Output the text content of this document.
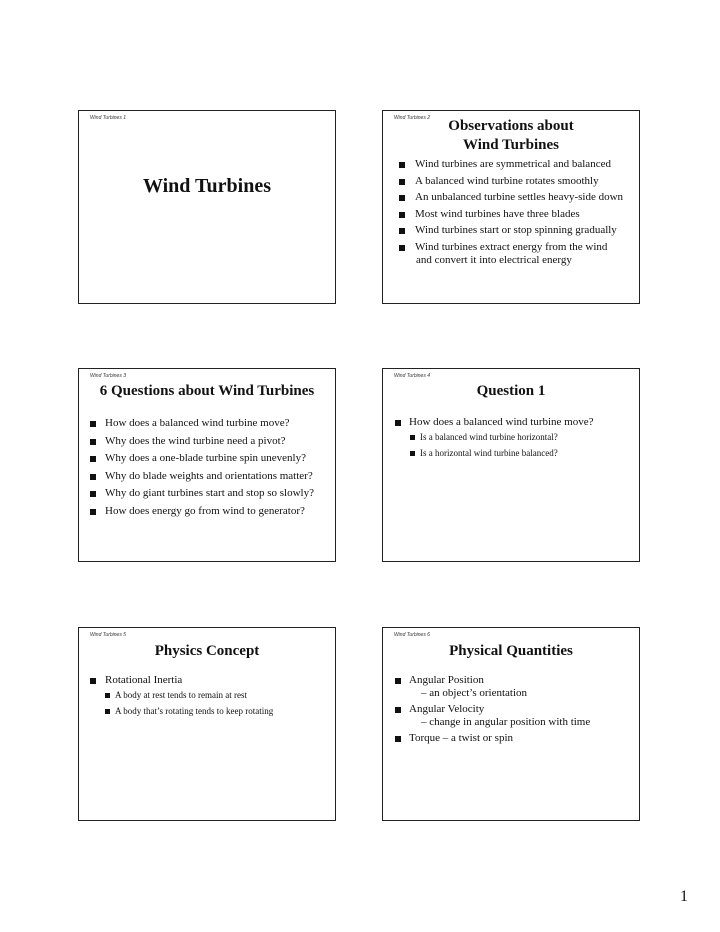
Wind Turbines 1
Wind Turbines
Wind Turbines 2	Observations about
Wind Turbines
Wind turbines are symmetrical and balanced
A balanced wind turbine rotates smoothly
An unbalanced turbine settles heavy-side down
Most wind turbines have three blades
Wind turbines start or stop spinning gradually
Wind turbines extract energy from the wind
and convert it into electrical energy
Wind Turbines 3
6 Questions about Wind Turbines
How does a balanced wind turbine move?
Why does the wind turbine need a pivot?
Why does a one-blade turbine spin unevenly?
Why do blade weights and orientations matter?
Why do giant turbines start and stop so slowly?
How does energy go from wind to generator?
Wind Turbines 4
Question 1
How does a balanced wind turbine move?
Is a balanced wind turbine horizontal?
Is a horizontal wind turbine balanced?
Wind Turbines 5
Physics Concept
Rotational Inertia
A body at rest tends to remain at rest
A body that’s rotating tends to keep rotating
Wind Turbines 6
Physical Quantities
Angular Position
– an object’s orientation
Angular Velocity
– change in angular position with time
Torque – a twist or spin
1
